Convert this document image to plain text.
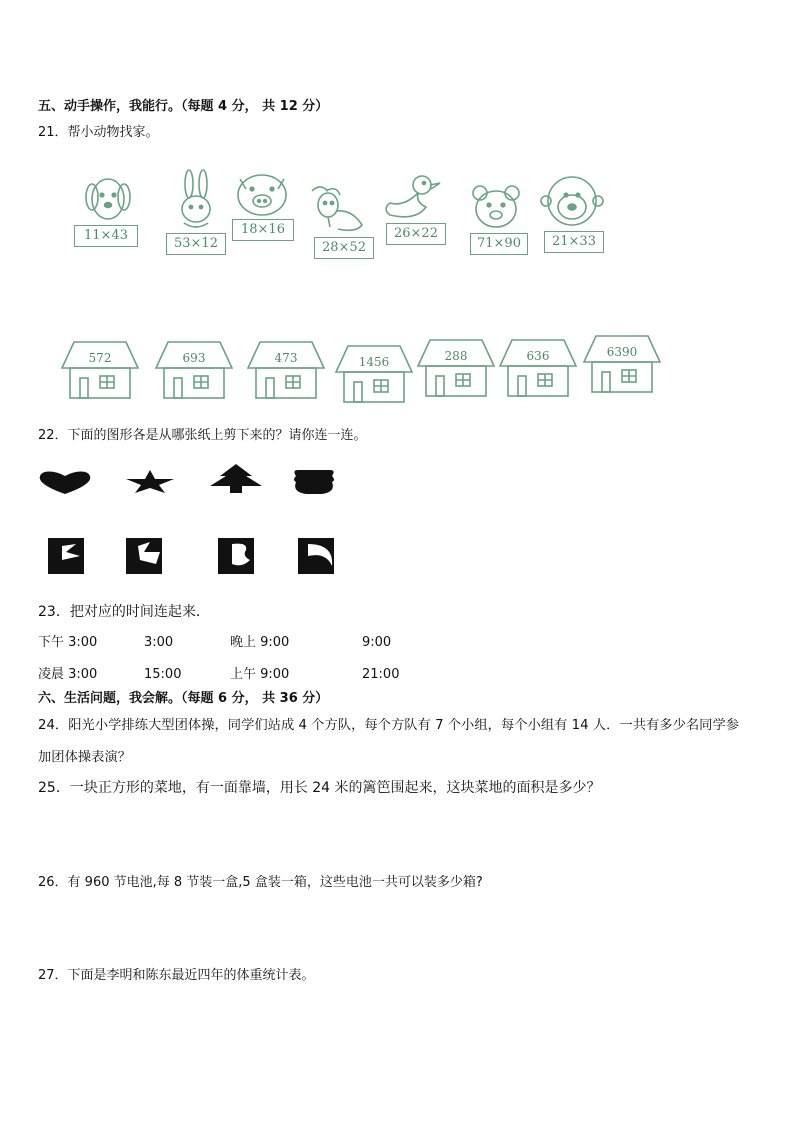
五、动手操作，我能行。（每题 4 分， 共 12 分）
21．帮小动物找家。
11×43
53×12
18×16
28×52
26×22
71×90	21×33
572	693	473	1456	288	636	6390
22．下面的图形各是从哪张纸上剪下来的？请你连一连。
23．把对应的时间连起来．
下午 3:00	3:00	晚上 9:00	9:00
凌晨 3:00	15:00	上午 9:00	21:00
六、生活问题，我会解。（每题 6 分， 共 36 分）
24．阳光小学排练大型团体操，同学们站成 4 个方队，每个方队有 7 个小组，每个小组有 14 人．一共有多少名同学参
加团体操表演？
25．一块正方形的菜地，有一面靠墙，用长 24 米的篱笆围起来，这块菜地的面积是多少？
26．有 960 节电池,每 8 节装一盒,5 盒装一箱，这些电池一共可以装多少箱?
27．下面是李明和陈东最近四年的体重统计表。
